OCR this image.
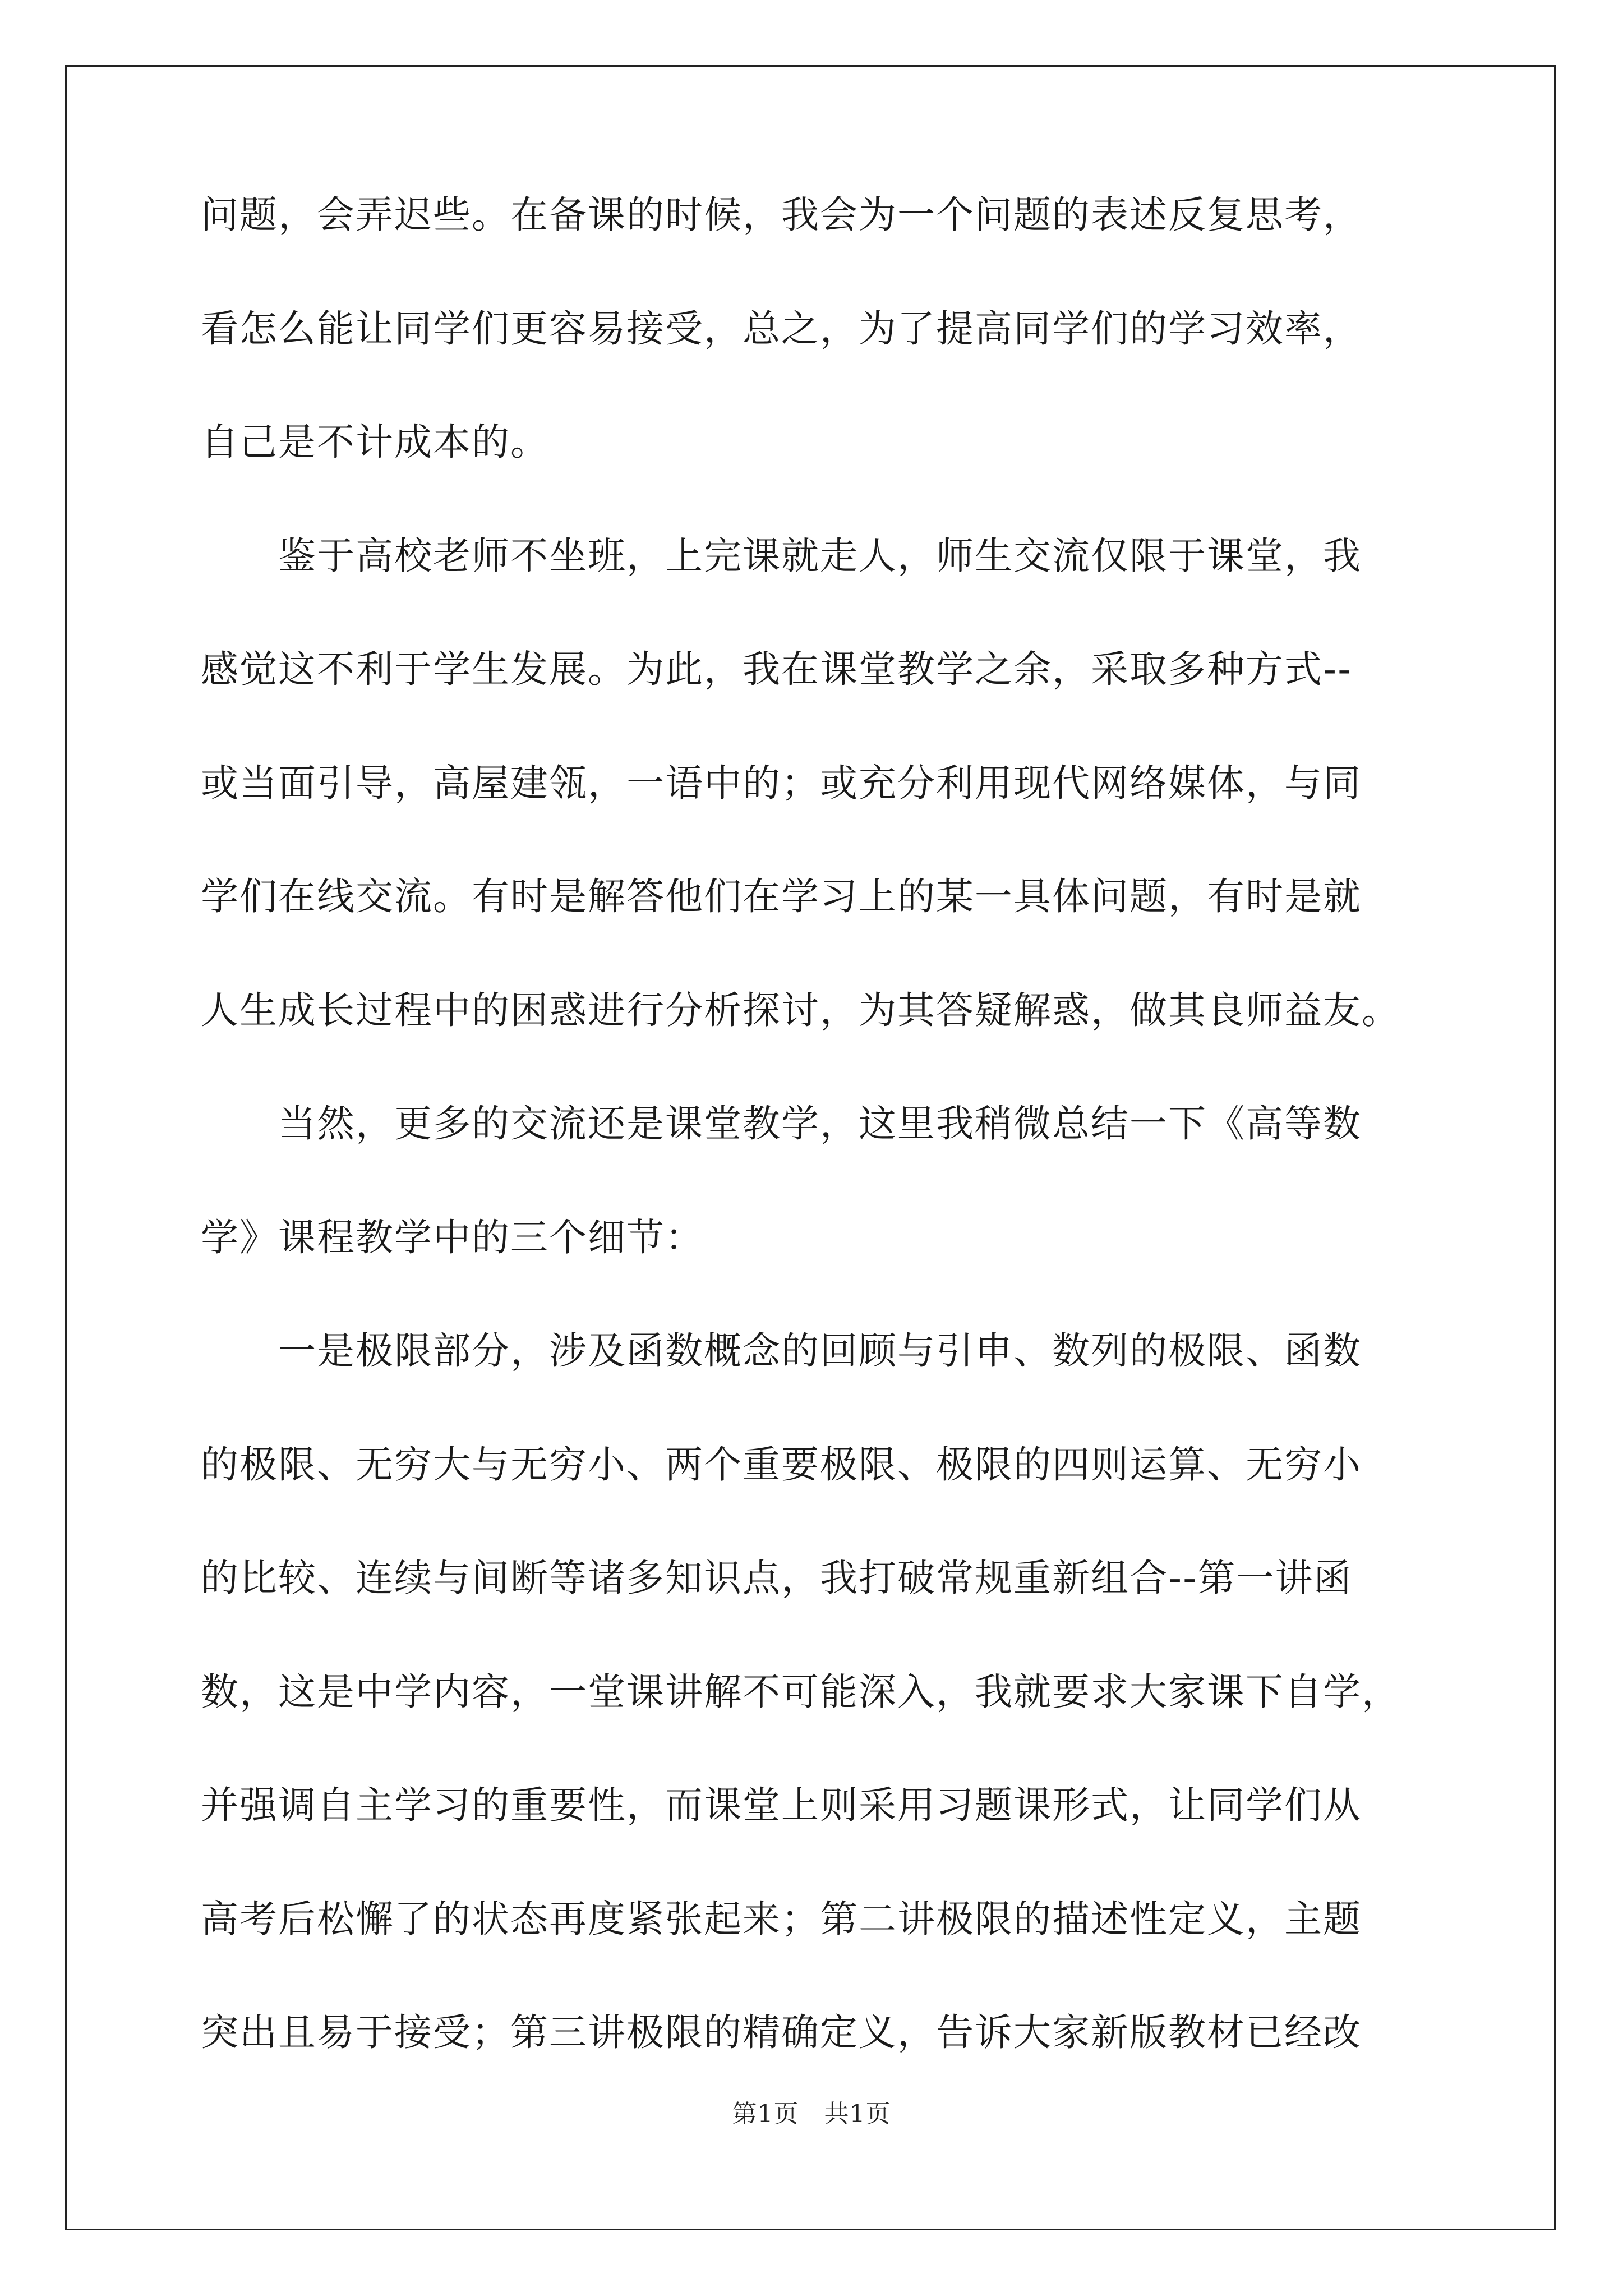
问题，会弄迟些。在备课的时候，我会为一个问题的表述反复思考，
看怎么能让同学们更容易接受，总之，为了提高同学们的学习效率，
自己是不计成本的。
　　鉴于高校老师不坐班，上完课就走人，师生交流仅限于课堂，我
感觉这不利于学生发展。为此，我在课堂教学之余，采取多种方式--
或当面引导，高屋建瓴，一语中的；或充分利用现代网络媒体，与同
学们在线交流。有时是解答他们在学习上的某一具体问题，有时是就
人生成长过程中的困惑进行分析探讨，为其答疑解惑，做其良师益友。
　　当然，更多的交流还是课堂教学，这里我稍微总结一下《高等数
学》课程教学中的三个细节：
　　一是极限部分，涉及函数概念的回顾与引申、数列的极限、函数
的极限、无穷大与无穷小、两个重要极限、极限的四则运算、无穷小
的比较、连续与间断等诸多知识点，我打破常规重新组合--第一讲函
数，这是中学内容，一堂课讲解不可能深入，我就要求大家课下自学，
并强调自主学习的重要性，而课堂上则采用习题课形式，让同学们从
高考后松懈了的状态再度紧张起来；第二讲极限的描述性定义，主题
突出且易于接受；第三讲极限的精确定义，告诉大家新版教材已经改
第1页　共1页
